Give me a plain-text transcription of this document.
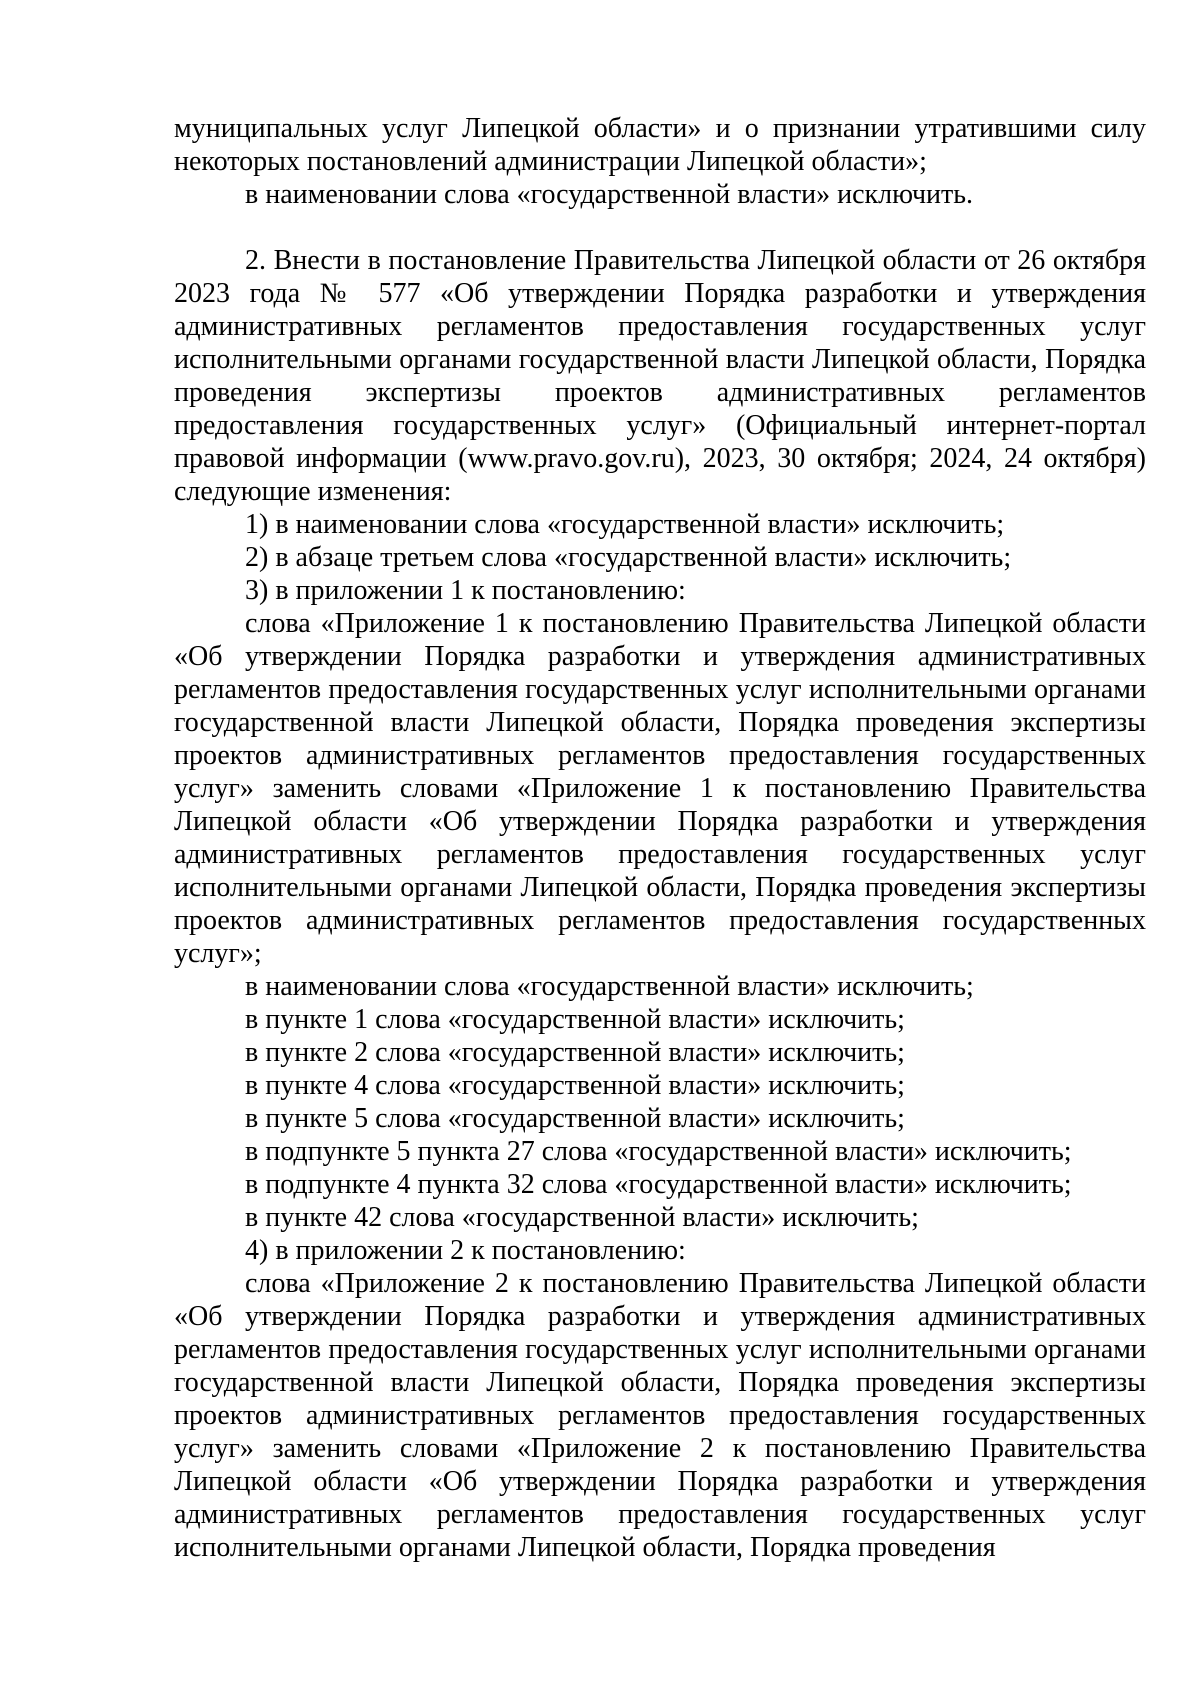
муниципальных услуг Липецкой области» и о признании утратившими силу некоторых постановлений администрации Липецкой области»;

в наименовании слова «государственной власти» исключить.

2. Внести в постановление Правительства Липецкой области от 26 октября 2023 года № 577 «Об утверждении Порядка разработки и утверждения административных регламентов предоставления государственных услуг исполнительными органами государственной власти Липецкой области, Порядка проведения экспертизы проектов административных регламентов предоставления государственных услуг» (Официальный интернет-портал правовой информации (www.pravo.gov.ru), 2023, 30 октября; 2024, 24 октября) следующие изменения:

1) в наименовании слова «государственной власти» исключить;

2) в абзаце третьем слова «государственной власти» исключить;

3) в приложении 1 к постановлению:

слова «Приложение 1 к постановлению Правительства Липецкой области «Об утверждении Порядка разработки и утверждения административных регламентов предоставления государственных услуг исполнительными органами государственной власти Липецкой области, Порядка проведения экспертизы проектов административных регламентов предоставления государственных услуг» заменить словами «Приложение 1 к постановлению Правительства Липецкой области «Об утверждении Порядка разработки и утверждения административных регламентов предоставления государственных услуг исполнительными органами Липецкой области, Порядка проведения экспертизы проектов административных регламентов предоставления государственных услуг»;

в наименовании слова «государственной власти» исключить;

в пункте 1 слова «государственной власти» исключить;

в пункте 2 слова «государственной власти» исключить;

в пункте 4 слова «государственной власти» исключить;

в пункте 5 слова «государственной власти» исключить;

в подпункте 5 пункта 27 слова «государственной власти» исключить;

в подпункте 4 пункта 32 слова «государственной власти» исключить;

в пункте 42 слова «государственной власти» исключить;

4) в приложении 2 к постановлению:

слова «Приложение 2 к постановлению Правительства Липецкой области «Об утверждении Порядка разработки и утверждения административных регламентов предоставления государственных услуг исполнительными органами государственной власти Липецкой области, Порядка проведения экспертизы проектов административных регламентов предоставления государственных услуг» заменить словами «Приложение 2 к постановлению Правительства Липецкой области «Об утверждении Порядка разработки и утверждения административных регламентов предоставления государственных услуг исполнительными органами Липецкой области, Порядка проведения
